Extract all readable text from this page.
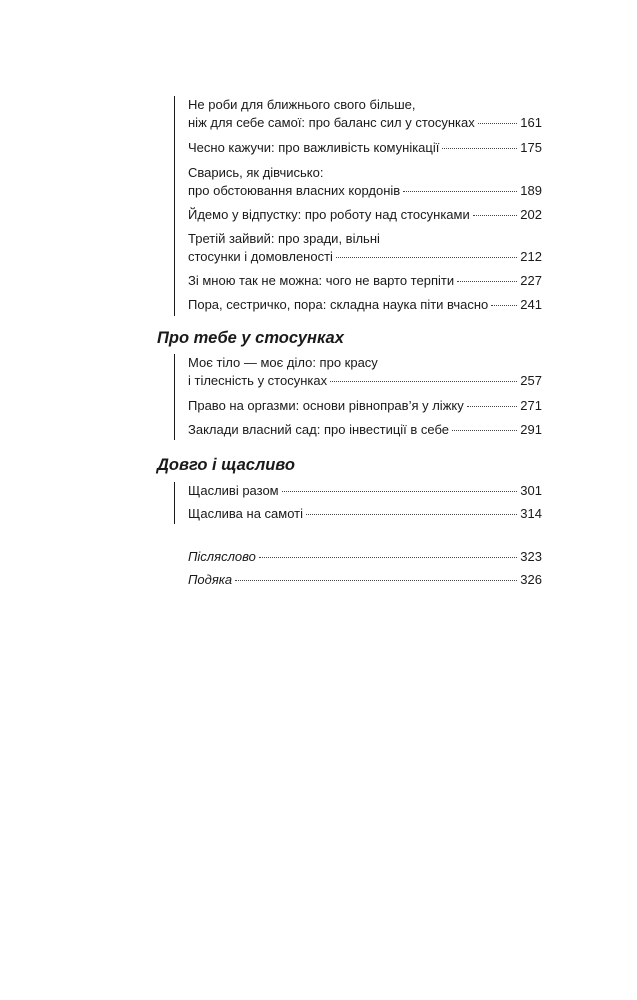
Не роби для ближнього свого більше,
ніж для себе самої: про баланс сил у стосунках	161
Чесно кажучи: про важливість комунікації	175
Сварись, як дівчисько:
про обстоювання власних кордонів	189
Йдемо у відпустку: про роботу над стосунками	202
Третій зайвий: про зради, вільні
стосунки і домовленості	212
Зі мною так не можна: чого не варто терпіти	227
Пора, сестричко, пора: складна наука піти вчасно 241
Про тебе у стосунках
Моє тіло — моє діло: про красу
і тілесність у стосунках	257
Право на оргазми: основи рівноправ’я у ліжку	271
Заклади власний сад: про інвестиції в себе	291
Довго і щасливо
Щасливі разом	301
Щаслива на самоті	314
Післяслово	323
Подяка	326
